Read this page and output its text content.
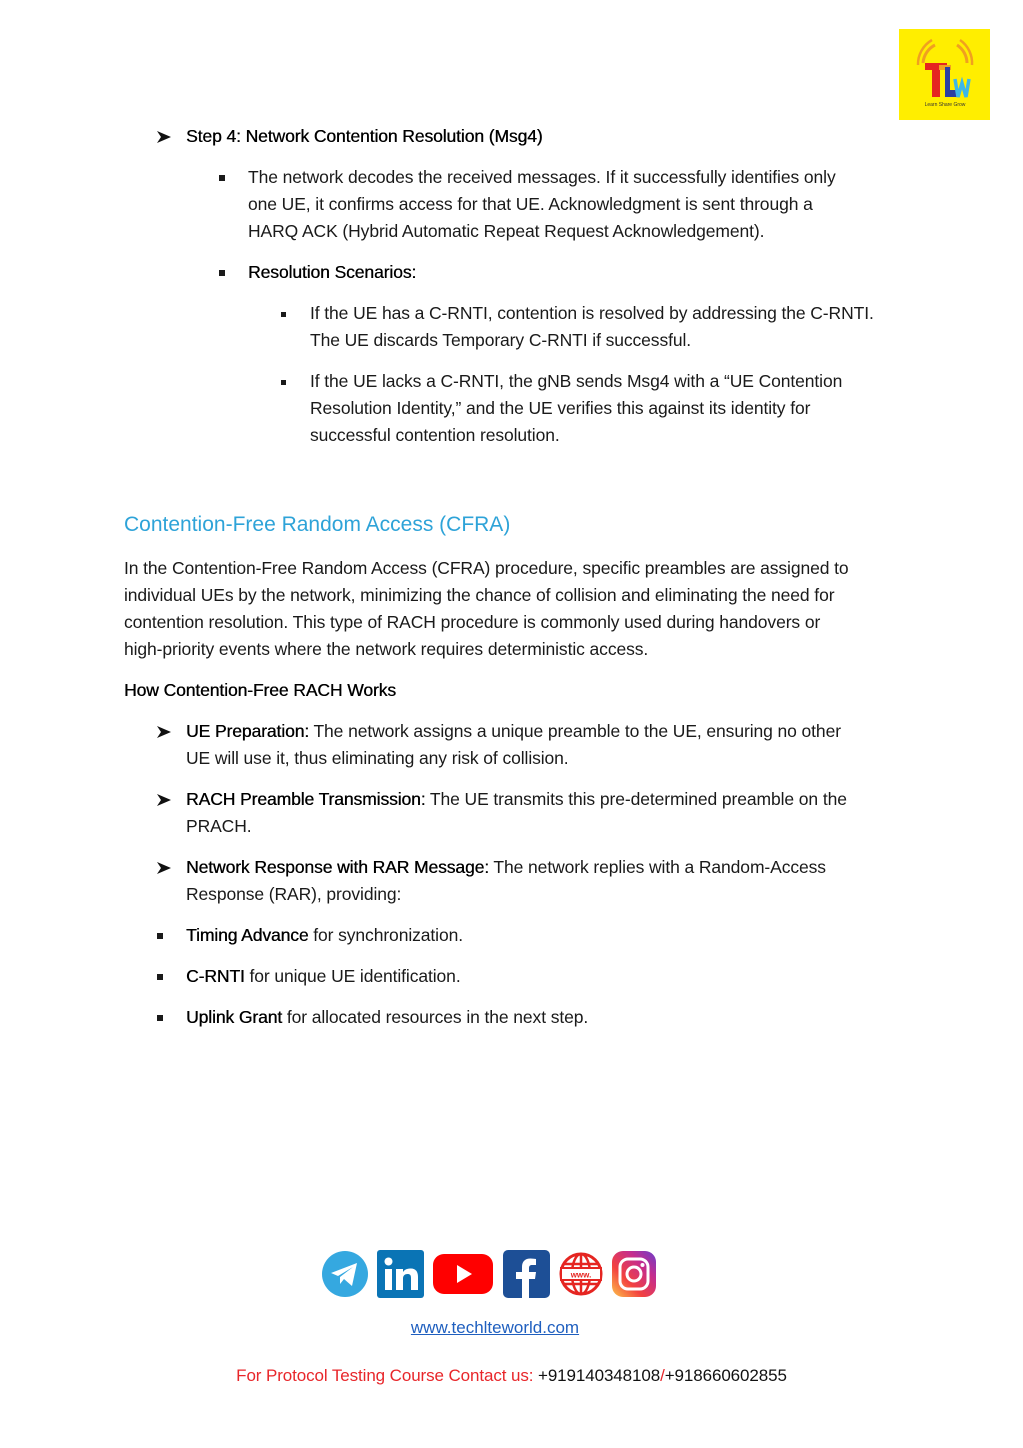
Learn Share Grow
Step 4: Network Contention Resolution (Msg4)
The network decodes the received messages. If it successfully identifies only
one UE, it confirms access for that UE. Acknowledgment is sent through a
HARQ ACK (Hybrid Automatic Repeat Request Acknowledgement).
Resolution Scenarios:
If the UE has a C-RNTI, contention is resolved by addressing the C-RNTI.
The UE discards Temporary C-RNTI if successful.
If the UE lacks a C-RNTI, the gNB sends Msg4 with a “UE Contention
Resolution Identity,” and the UE verifies this against its identity for
successful contention resolution.
Contention-Free Random Access (CFRA)
In the Contention-Free Random Access (CFRA) procedure, specific preambles are assigned to
individual UEs by the network, minimizing the chance of collision and eliminating the need for
contention resolution. This type of RACH procedure is commonly used during handovers or
high-priority events where the network requires deterministic access.
How Contention-Free RACH Works
UE Preparation: The network assigns a unique preamble to the UE, ensuring no other
UE will use it, thus eliminating any risk of collision.
RACH Preamble Transmission: The UE transmits this pre-determined preamble on the
PRACH.
Network Response with RAR Message: The network replies with a Random-Access
Response (RAR), providing:
Timing Advance for synchronization.
C-RNTI for unique UE identification.
Uplink Grant for allocated resources in the next step.
www.
www.techlteworld.com
For Protocol Testing Course Contact us: +919140348108/+918660602855
